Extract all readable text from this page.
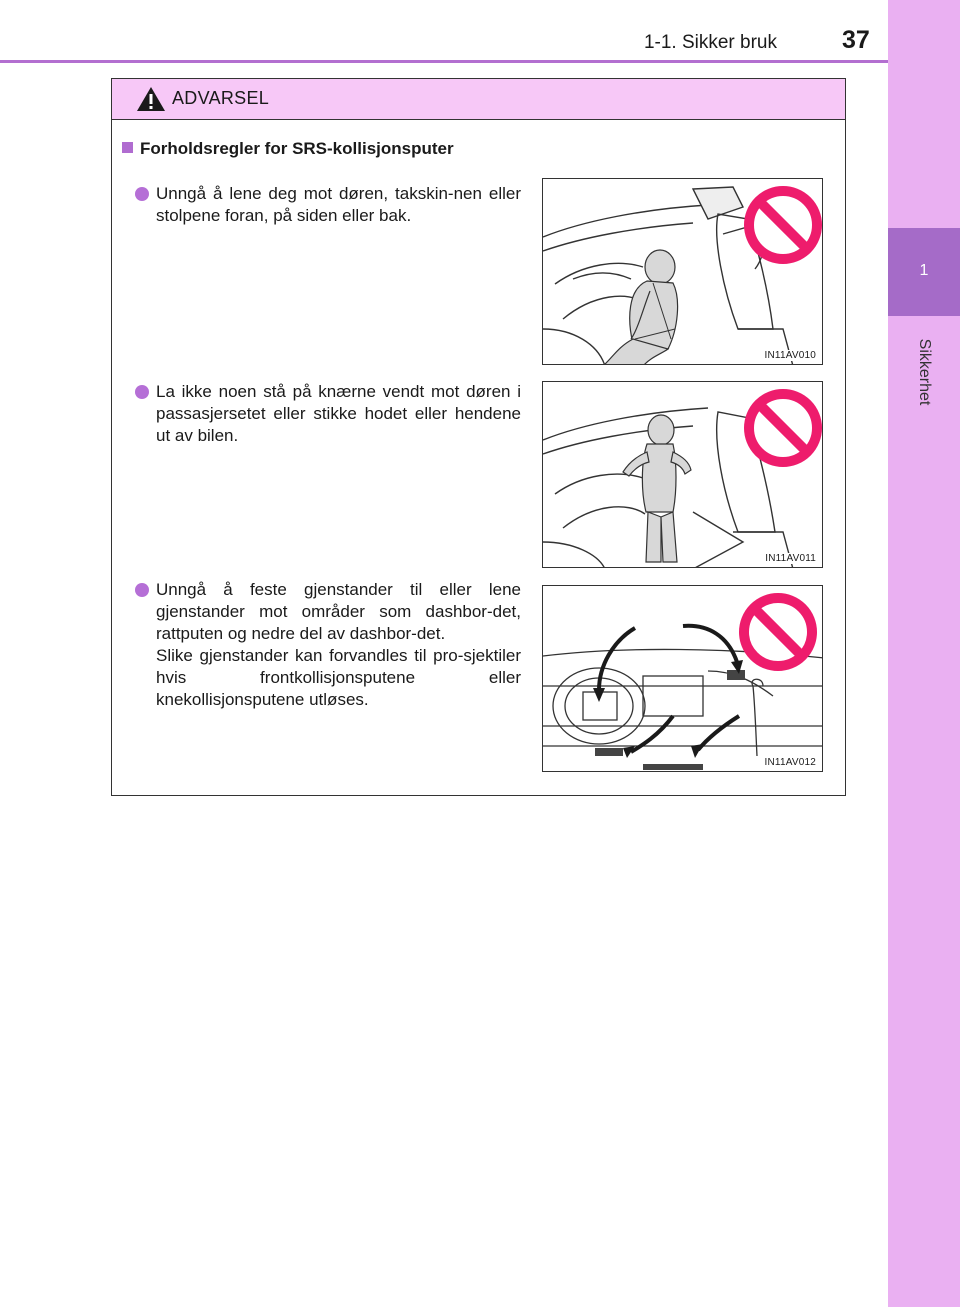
1-1. Sikker bruk	37
1
Sikkerhet
ADVARSEL
Forholdsregler for SRS-kollisjonsputer
Unngå å lene deg mot døren, takskin-nen eller stolpene foran, på siden eller bak.
La ikke noen stå på knærne vendt mot døren i passasjersetet eller stikke hodet eller hendene ut av bilen.
Unngå å feste gjenstander til eller lene gjenstander mot områder som dashbor-det, rattputen og nedre del av dashbor-det.
Slike gjenstander kan forvandles til pro-sjektiler hvis frontkollisjonsputene eller knekollisjonsputene utløses.
IN11AV010
IN11AV011
IN11AV012
